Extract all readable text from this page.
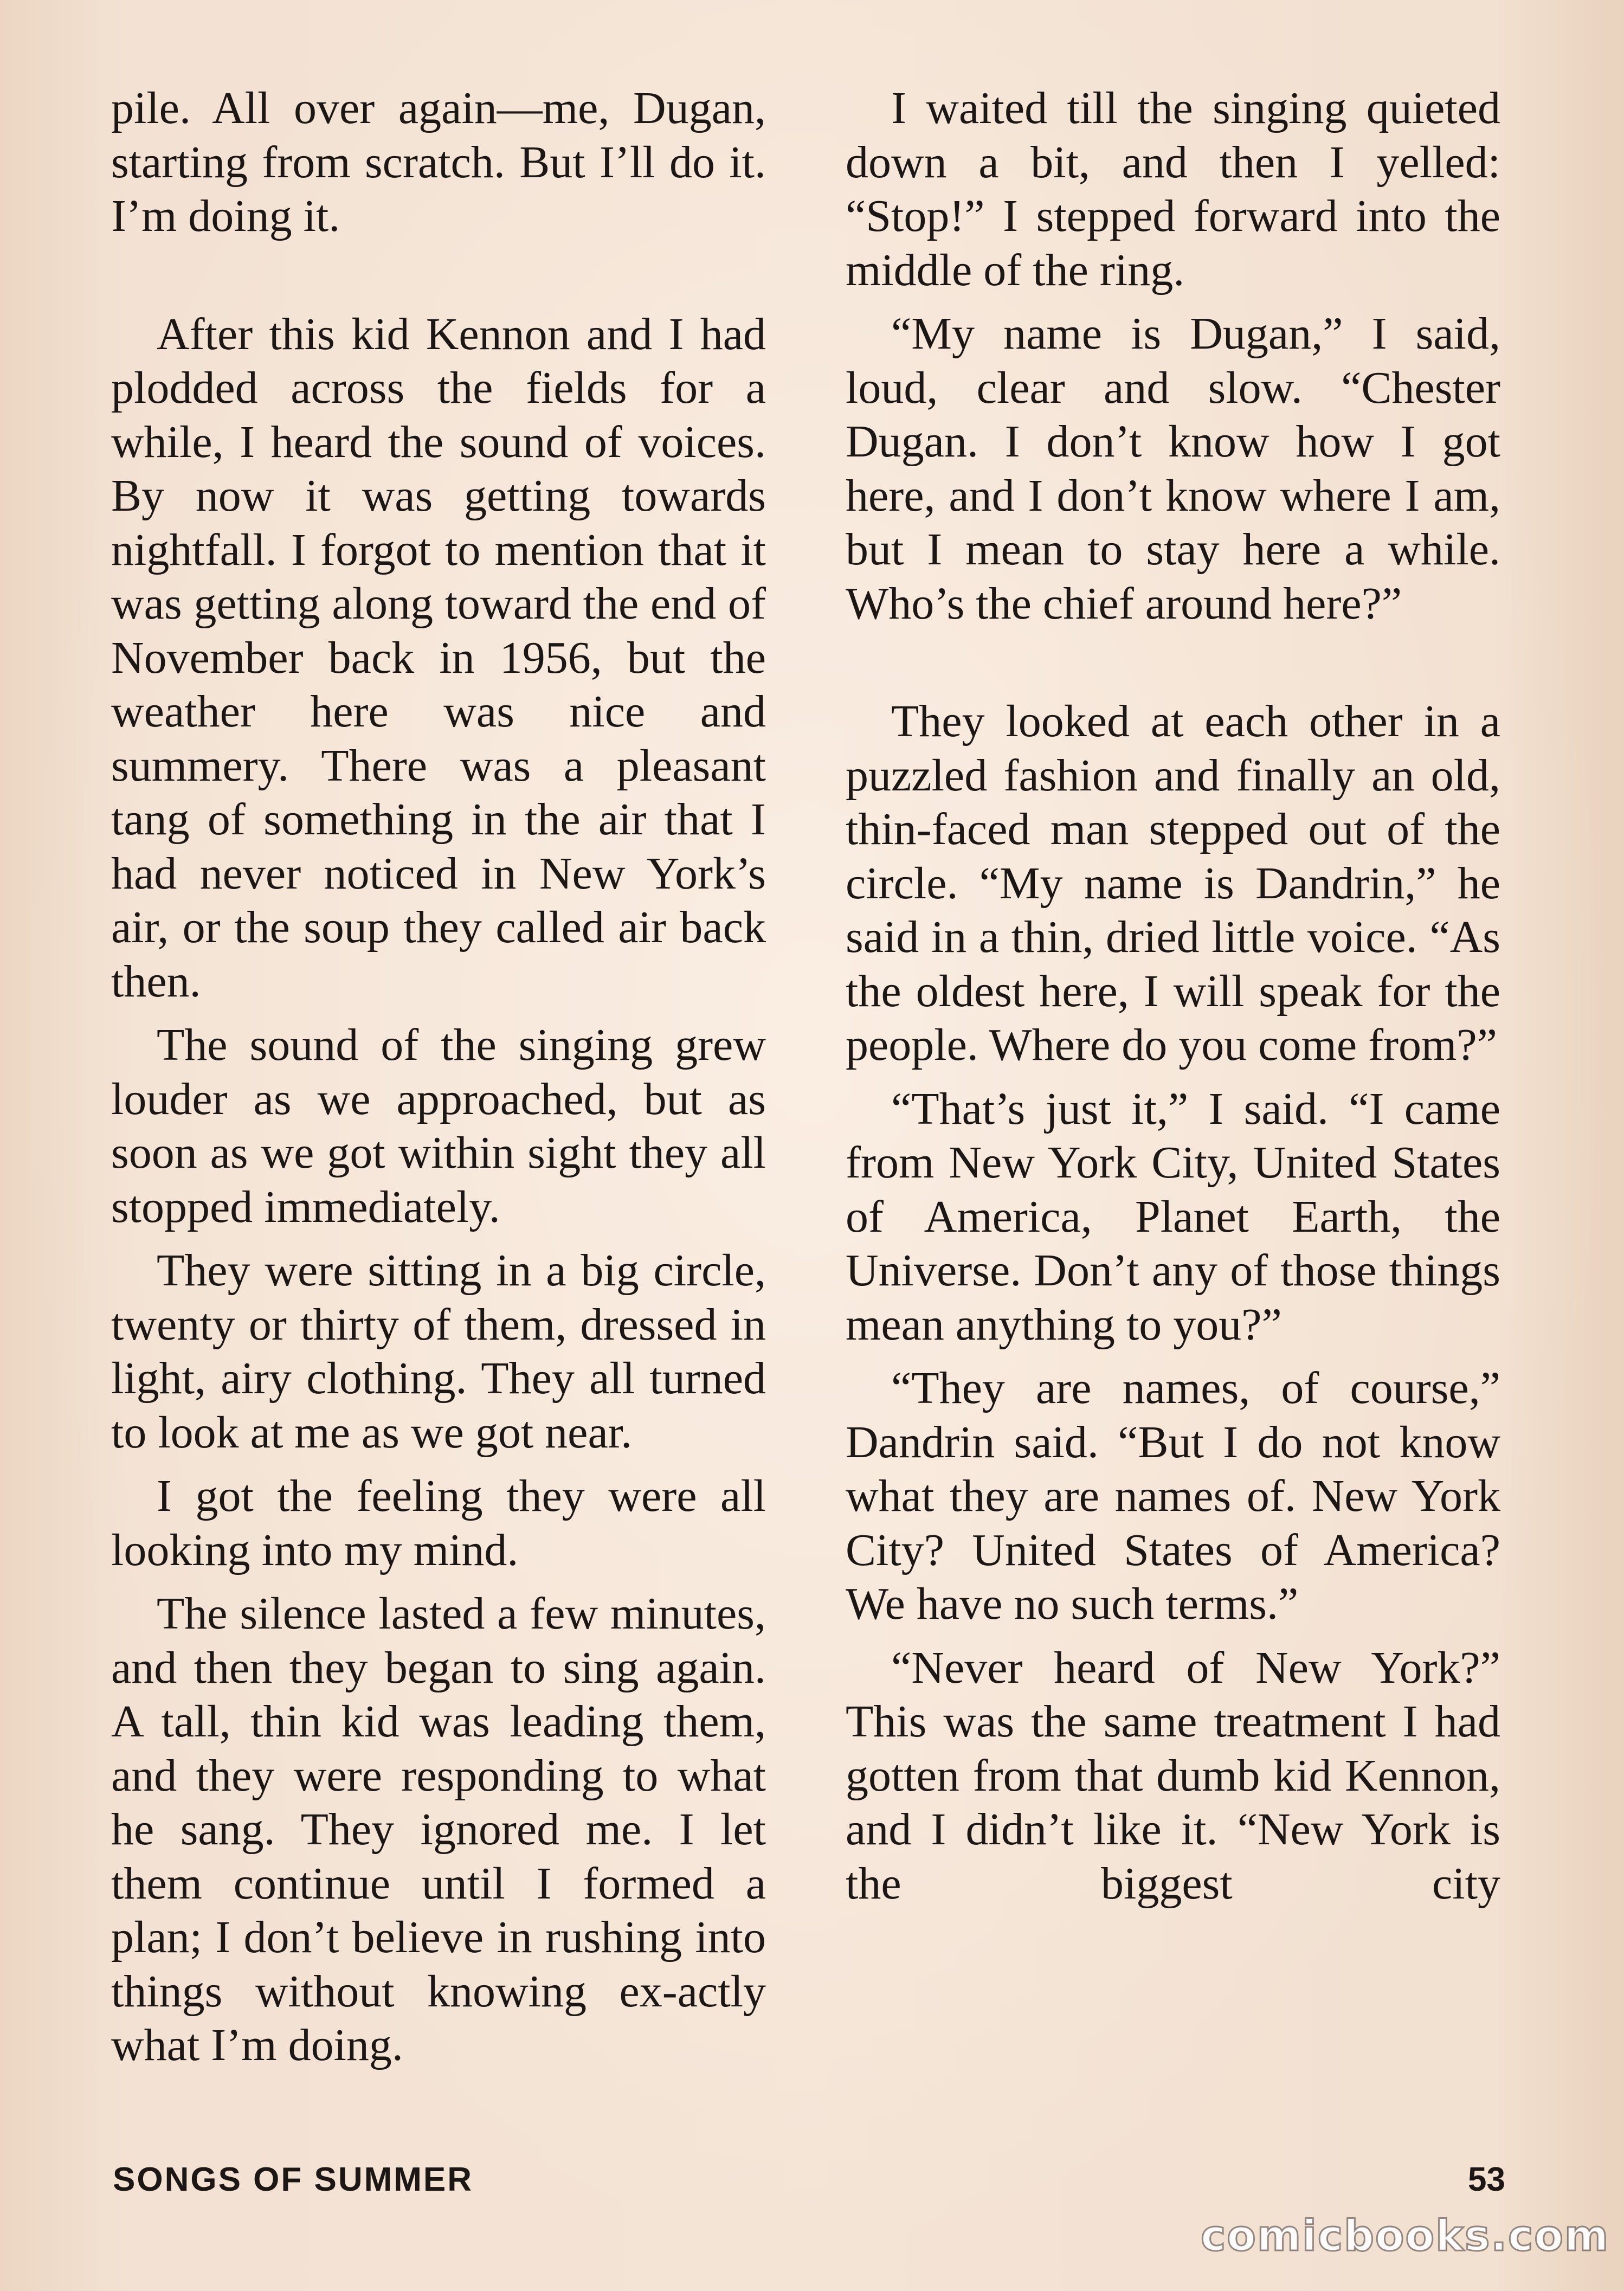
pile. All over again—me, Dugan, starting from scratch. But I’ll do it. I’m doing it.

After this kid Kennon and I had plodded across the fields for a while, I heard the sound of voices. By now it was getting towards nightfall. I forgot to mention that it was getting along toward the end of November back in 1956, but the weather here was nice and summery. There was a pleasant tang of something in the air that I had never noticed in New York’s air, or the soup they called air back then.

The sound of the singing grew louder as we approached, but as soon as we got within sight they all stopped immediately.

They were sitting in a big circle, twenty or thirty of them, dressed in light, airy clothing. They all turned to look at me as we got near.

I got the feeling they were all looking into my mind.

The silence lasted a few minutes, and then they began to sing again. A tall, thin kid was leading them, and they were responding to what he sang. They ignored me. I let them continue until I formed a plan; I don’t believe in rushing into things without knowing ex-actly what I’m doing.

I waited till the singing quieted down a bit, and then I yelled: “Stop!” I stepped forward into the middle of the ring.

“My name is Dugan,” I said, loud, clear and slow. “Chester Dugan. I don’t know how I got here, and I don’t know where I am, but I mean to stay here a while. Who’s the chief around here?”

They looked at each other in a puzzled fashion and finally an old, thin-faced man stepped out of the circle. “My name is Dandrin,” he said in a thin, dried little voice. “As the oldest here, I will speak for the people. Where do you come from?”

“That’s just it,” I said. “I came from New York City, United States of America, Planet Earth, the Universe. Don’t any of those things mean anything to you?”

“They are names, of course,” Dandrin said. “But I do not know what they are names of. New York City? United States of America? We have no such terms.”

“Never heard of New York?” This was the same treatment I had gotten from that dumb kid Kennon, and I didn’t like it. “New York is the biggest city

SONGS OF SUMMER	53
comicbooks.com
